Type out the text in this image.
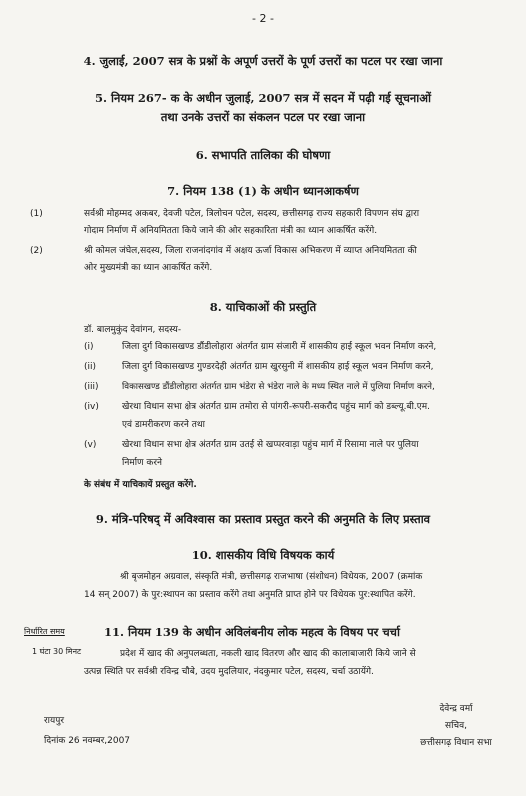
- 2 -
4. जुलाई, 2007 सत्र के प्रश्नों के अपूर्ण उत्तरों के पूर्ण उत्तरों का पटल पर रखा जाना
5. नियम 267- क के अधीन जुलाई, 2007 सत्र में सदन में पढ़ी गई सूचनाओं
तथा उनके उत्तरों का संकलन पटल पर रखा जाना
6. सभापति तालिका की घोषणा
7. नियम 138 (1) के अधीन ध्यानआकर्षण
(1)	सर्वश्री मोहम्मद अकबर, देवजी पटेल, त्रिलोचन पटेल, सदस्य, छत्तीसगढ़ राज्य सहकारी विपणन संघ द्वारा
गोदाम निर्माण में अनियमितता किये जाने की ओर सहकारिता मंत्री का ध्यान आकर्षित करेंगे.
(2)	श्री कोमल जंघेल,सदस्य, जिला राजनांदगांव में अक्षय ऊर्जा विकास अभिकरण में व्याप्त अनियमितता की
ओर मुख्यमंत्री का ध्यान आकर्षित करेंगे.
8. याचिकाओं की प्रस्तुति
डॉ. बालमुकुंद देवांगन, सदस्य-
(i)	जिला दुर्ग विकासखण्ड डौंडीलोहारा अंतर्गत ग्राम संजारी में शासकीय हाई स्कूल भवन निर्माण करने,
(ii)	जिला दुर्ग विकासखण्ड गुण्डरदेही अंतर्गत ग्राम खुरसुनी में शासकीय हाई स्कूल भवन निर्माण करने,
(iii)	विकासखण्ड डौंडीलोहारा अंतर्गत ग्राम भंडेरा से भंडेरा नाले के मध्य स्थित नाले में पुलिया निर्माण करने,
(iv)	खेरथा विधान सभा क्षेत्र अंतर्गत ग्राम तमोरा से पांगरी-रूपरी-सकरौद पहुंच मार्ग को डब्ल्यू.बी.एम.
एवं डामरीकरण करने तथा
(v)	खेरथा विधान सभा क्षेत्र अंतर्गत ग्राम उतई से खप्परवाड़ा पहुंच मार्ग में रिसामा नाले पर पुलिया
निर्माण करने
के संबंध में याचिकायें प्रस्तुत करेंगे.
9. मंत्रि-परिषद् में अविश्वास का प्रस्ताव प्रस्तुत करने की अनुमति के लिए प्रस्ताव
10. शासकीय विधि विषयक कार्य
श्री बृजमोहन अग्रवाल, संस्कृति मंत्री, छत्तीसगढ़ राजभाषा (संशोधन) विधेयक, 2007 (क्रमांक
14 सन् 2007) के पुर:स्थापन का प्रस्ताव करेंगे तथा अनुमति प्राप्त होने पर विधेयक पुर:स्थापित करेंगे.
निर्धारित समय
1 घंटा 30 मिनट
11. नियम 139 के अधीन अविलंबनीय लोक महत्व के विषय पर चर्चा
प्रदेश में खाद की अनुपलब्धता, नकली खाद वितरण और खाद की कालाबाजारी किये जाने से
उत्पन्न स्थिति पर सर्वश्री रविन्द्र चौबे, उदय मुदलियार, नंदकुमार पटेल, सदस्य, चर्चा उठायेंगे.
रायपुर
दिनांक 26 नवम्बर,2007
देवेन्द्र वर्मा
सचिव,
छत्तीसगढ़ विधान सभा
